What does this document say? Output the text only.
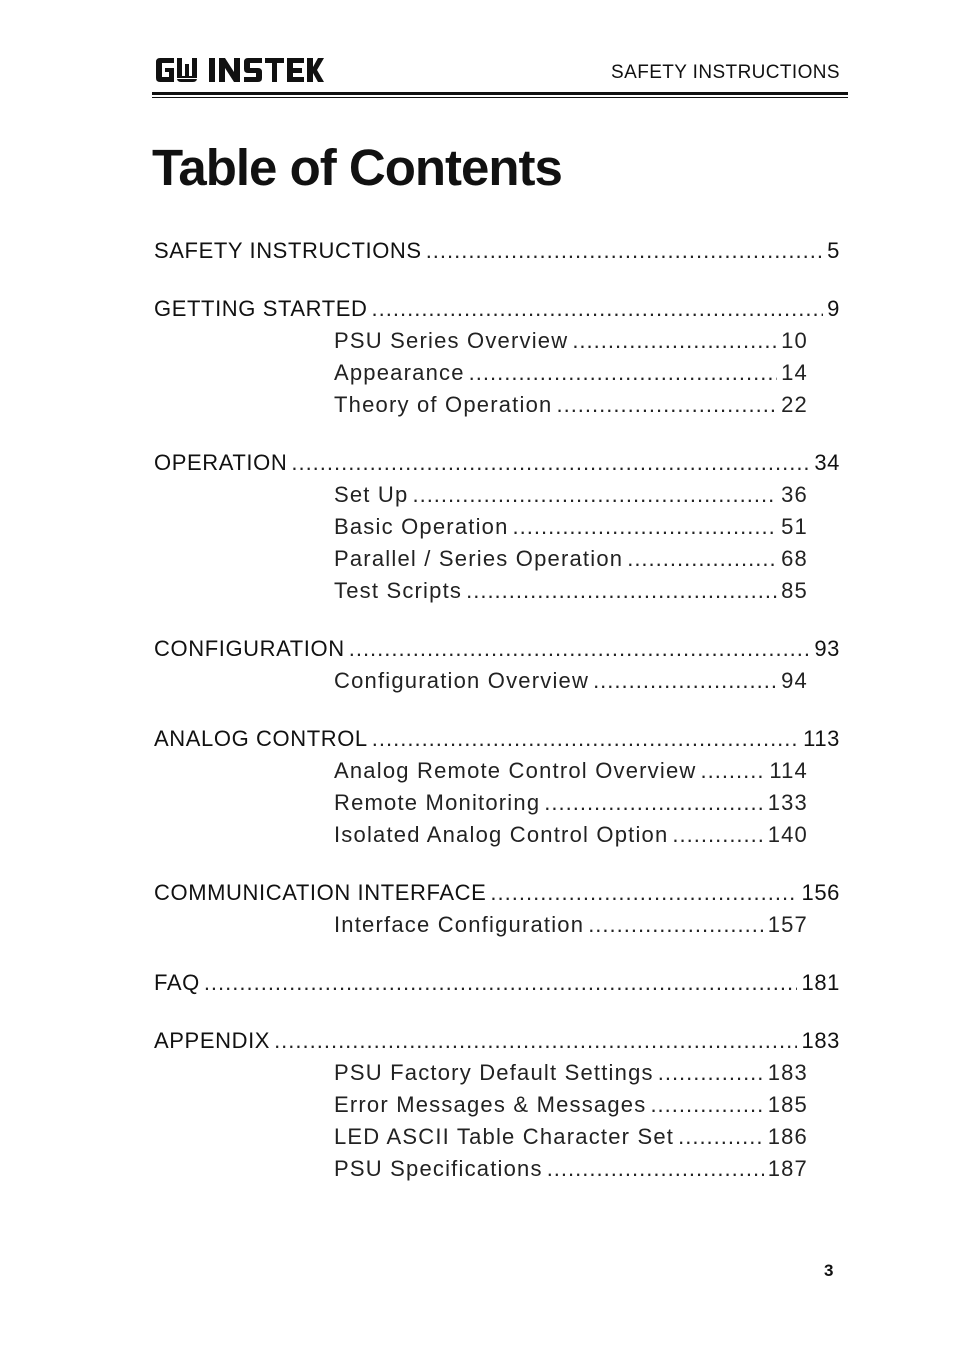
SAFETY INSTRUCTIONS
Table of Contents
SAFETY INSTRUCTIONS .....	5
GETTING STARTED .....	9
PSU Series Overview .....	10
Appearance .....	14
Theory of Operation .....	22
OPERATION .....	34
Set Up .....	36
Basic Operation .....	51
Parallel / Series Operation .....	68
Test Scripts .....	85
CONFIGURATION .....	93
Configuration Overview .....	94
ANALOG CONTROL .....	113
Analog Remote Control Overview .....	114
Remote Monitoring .....	133
Isolated Analog Control Option .....	140
COMMUNICATION INTERFACE .....	156
Interface Configuration .....	157
FAQ .....	181
APPENDIX .....	183
PSU Factory Default Settings .....	183
Error Messages & Messages .....	185
LED ASCII Table Character Set .....	186
PSU Specifications .....	187
3
